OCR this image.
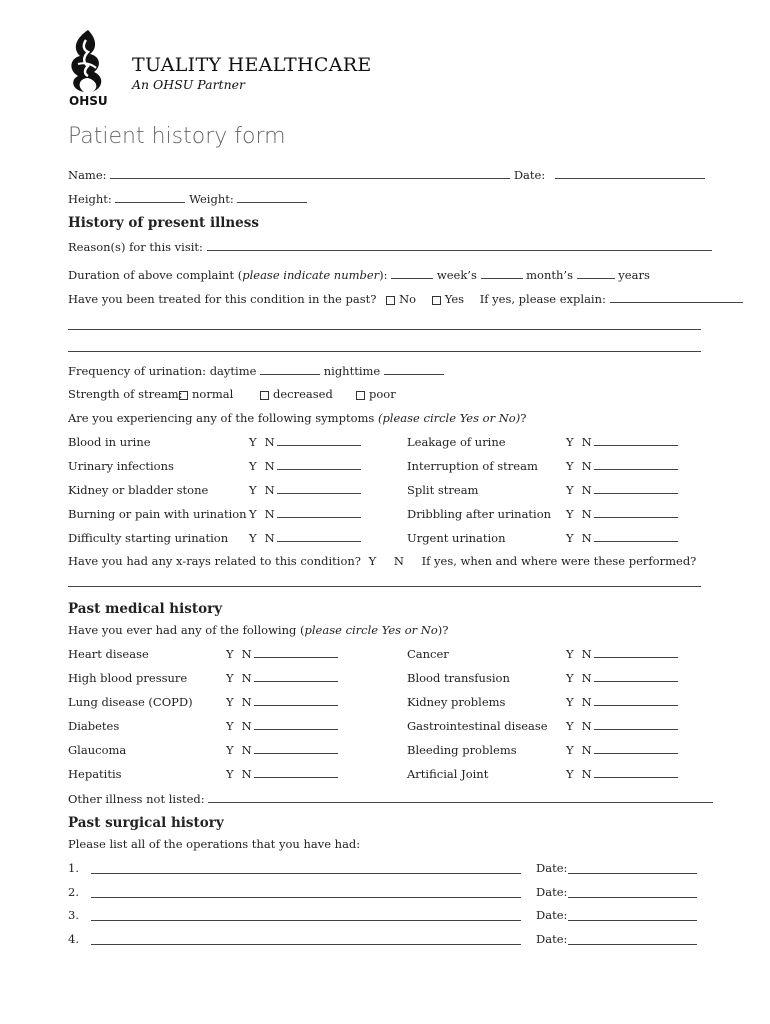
OHSU
TUALITY HEALTHCARE
An OHSU Partner
Patient history form
Name:	Date:
Height:	Weight:
History of present illness
Reason(s) for this visit:
Duration of above complaint (please indicate number):	week’s	month’s	years
Have you been treated for this condition in the past? No Yes If yes, please explain:
Frequency of urination: daytime	nighttime
Strength of stream: normal	decreased	poor
Are you experiencing any of the following symptoms (please circle Yes or No)?
Blood in urine	Y N
Urinary infections	Y N
Kidney or bladder stone	Y N
Burning or pain with urination Y N
Difficulty starting urination Y N
Leakage of urine	Y N
Interruption of stream Y N
Split stream	Y N
Dribbling after urination Y N
Urgent urination	Y N
Have you had any x-rays related to this condition? Y N If yes, when and where were these performed?
Past medical history
Have you ever had any of the following (please circle Yes or No)?
Heart disease	Y N
High blood pressure	Y N
Lung disease (COPD)	Y N
Diabetes	Y N
Glaucoma	Y N
Hepatitis	Y N
Cancer	Y N
Blood transfusion	Y N
Kidney problems	Y N
Gastrointestinal disease Y N
Bleeding problems	Y N
Artificial Joint	Y N
Other illness not listed:
Past surgical history
Please list all of the operations that you have had:
1.	Date:
2.	Date:
3.	Date:
4.	Date:
